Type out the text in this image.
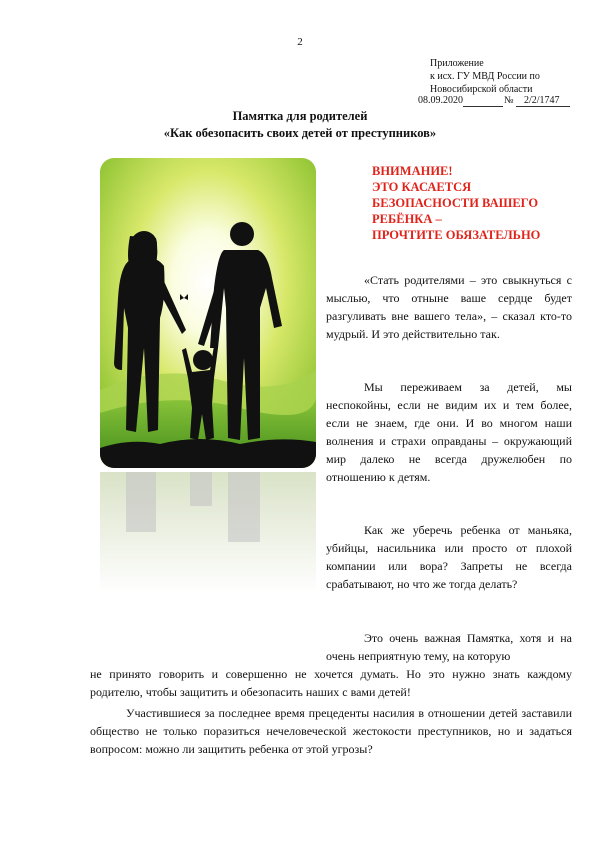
2
Приложение
к исх. ГУ МВД России по
Новосибирской области
08.09.2020	№ 2/2/1747
Памятка для родителей
«Как обезопасить своих детей от преступников»
ВНИМАНИЕ!
ЭТО КАСАЕТСЯ
БЕЗОПАСНОСТИ ВАШЕГО
РЕБЁНКА –
ПРОЧТИТЕ ОБЯЗАТЕЛЬНО

«Стать родителями – это свыкнуться с мыслью, что отныне ваше сердце будет разгуливать вне вашего тела», – сказал кто-то мудрый. И это действительно так.

Мы переживаем за детей, мы неспокойны, если не видим их и тем более, если не знаем, где они. И во многом наши волнения и страхи оправданы – окружающий мир далеко не всегда дружелюбен по отношению к детям.

Как же уберечь ребенка от маньяка, убийцы, насильника или просто от плохой компании или вора? Запреты не всегда срабатывают, но что же тогда делать?

Это очень важная Памятка, хотя и на очень неприятную тему, на которую

не принято говорить и совершенно не хочется думать. Но это нужно знать каждому родителю, чтобы защитить и обезопасить наших с вами детей!

Участившиеся за последнее время прецеденты насилия в отношении детей заставили общество не только поразиться нечеловеческой жестокости преступников, но и задаться вопросом: можно ли защитить ребенка от этой угрозы?
